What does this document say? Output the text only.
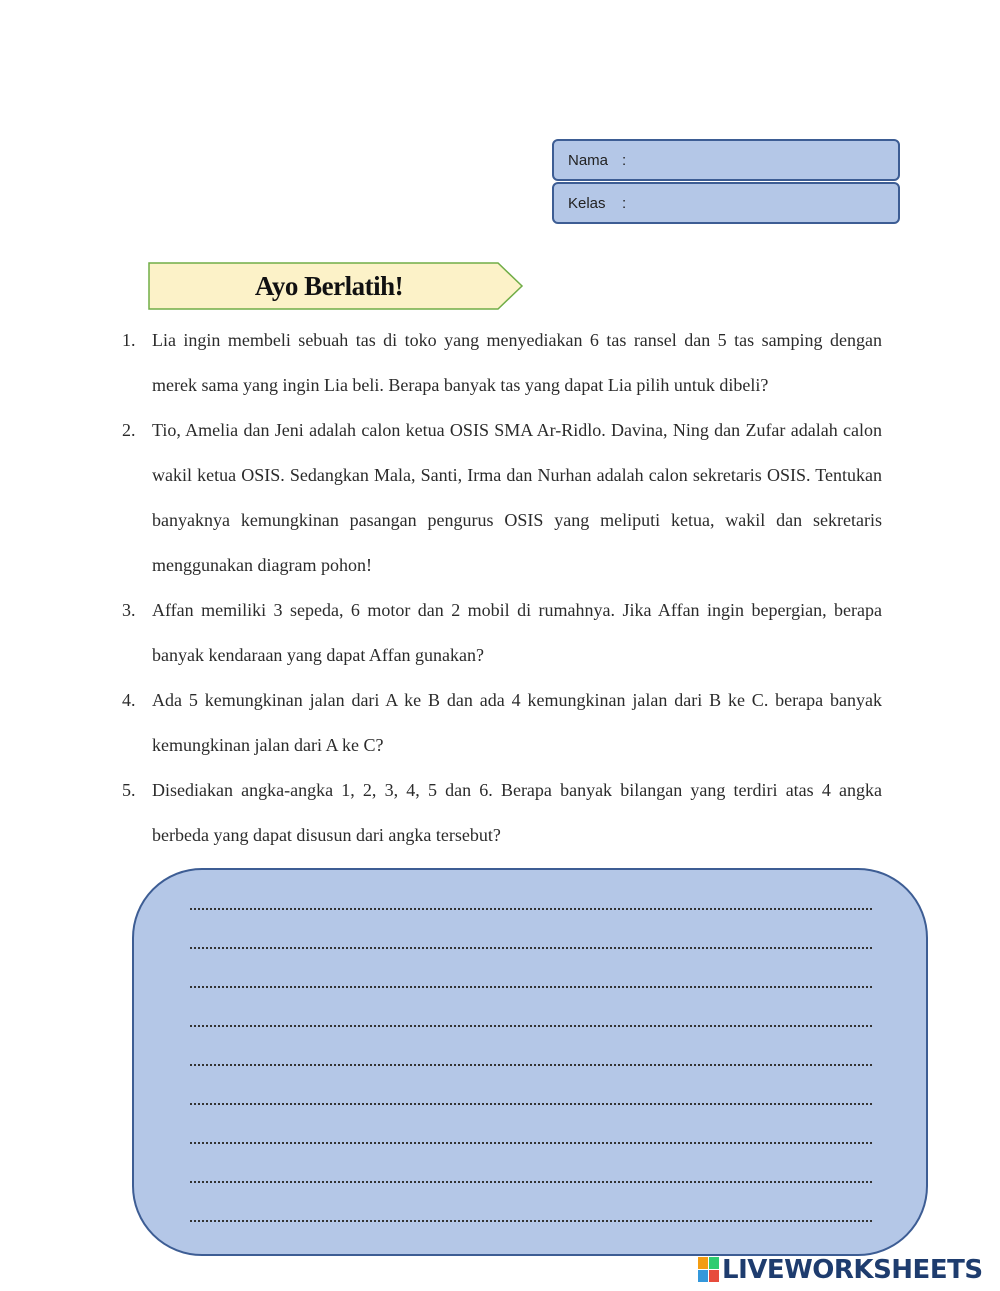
Nama :
Kelas	:
Ayo Berlatih!
1. Lia ingin membeli sebuah tas di toko yang menyediakan 6 tas ransel dan 5 tas samping dengan merek sama yang ingin Lia beli. Berapa banyak tas yang dapat Lia pilih untuk dibeli?
2. Tio, Amelia dan Jeni adalah calon ketua OSIS SMA Ar-Ridlo. Davina, Ning dan Zufar adalah calon wakil ketua OSIS. Sedangkan Mala, Santi, Irma dan Nurhan adalah calon sekretaris OSIS. Tentukan banyaknya kemungkinan pasangan pengurus OSIS yang meliputi ketua, wakil dan sekretaris menggunakan diagram pohon!
3. Affan memiliki 3 sepeda, 6 motor dan 2 mobil di rumahnya. Jika Affan ingin bepergian, berapa banyak kendaraan yang dapat Affan gunakan?
4. Ada 5 kemungkinan jalan dari A ke B dan ada 4 kemungkinan jalan dari B ke C. berapa banyak kemungkinan jalan dari A ke C?
5. Disediakan angka-angka 1, 2, 3, 4, 5 dan 6. Berapa banyak bilangan yang terdiri atas 4 angka berbeda yang dapat disusun dari angka tersebut?
LIVEWORKSHEETS
